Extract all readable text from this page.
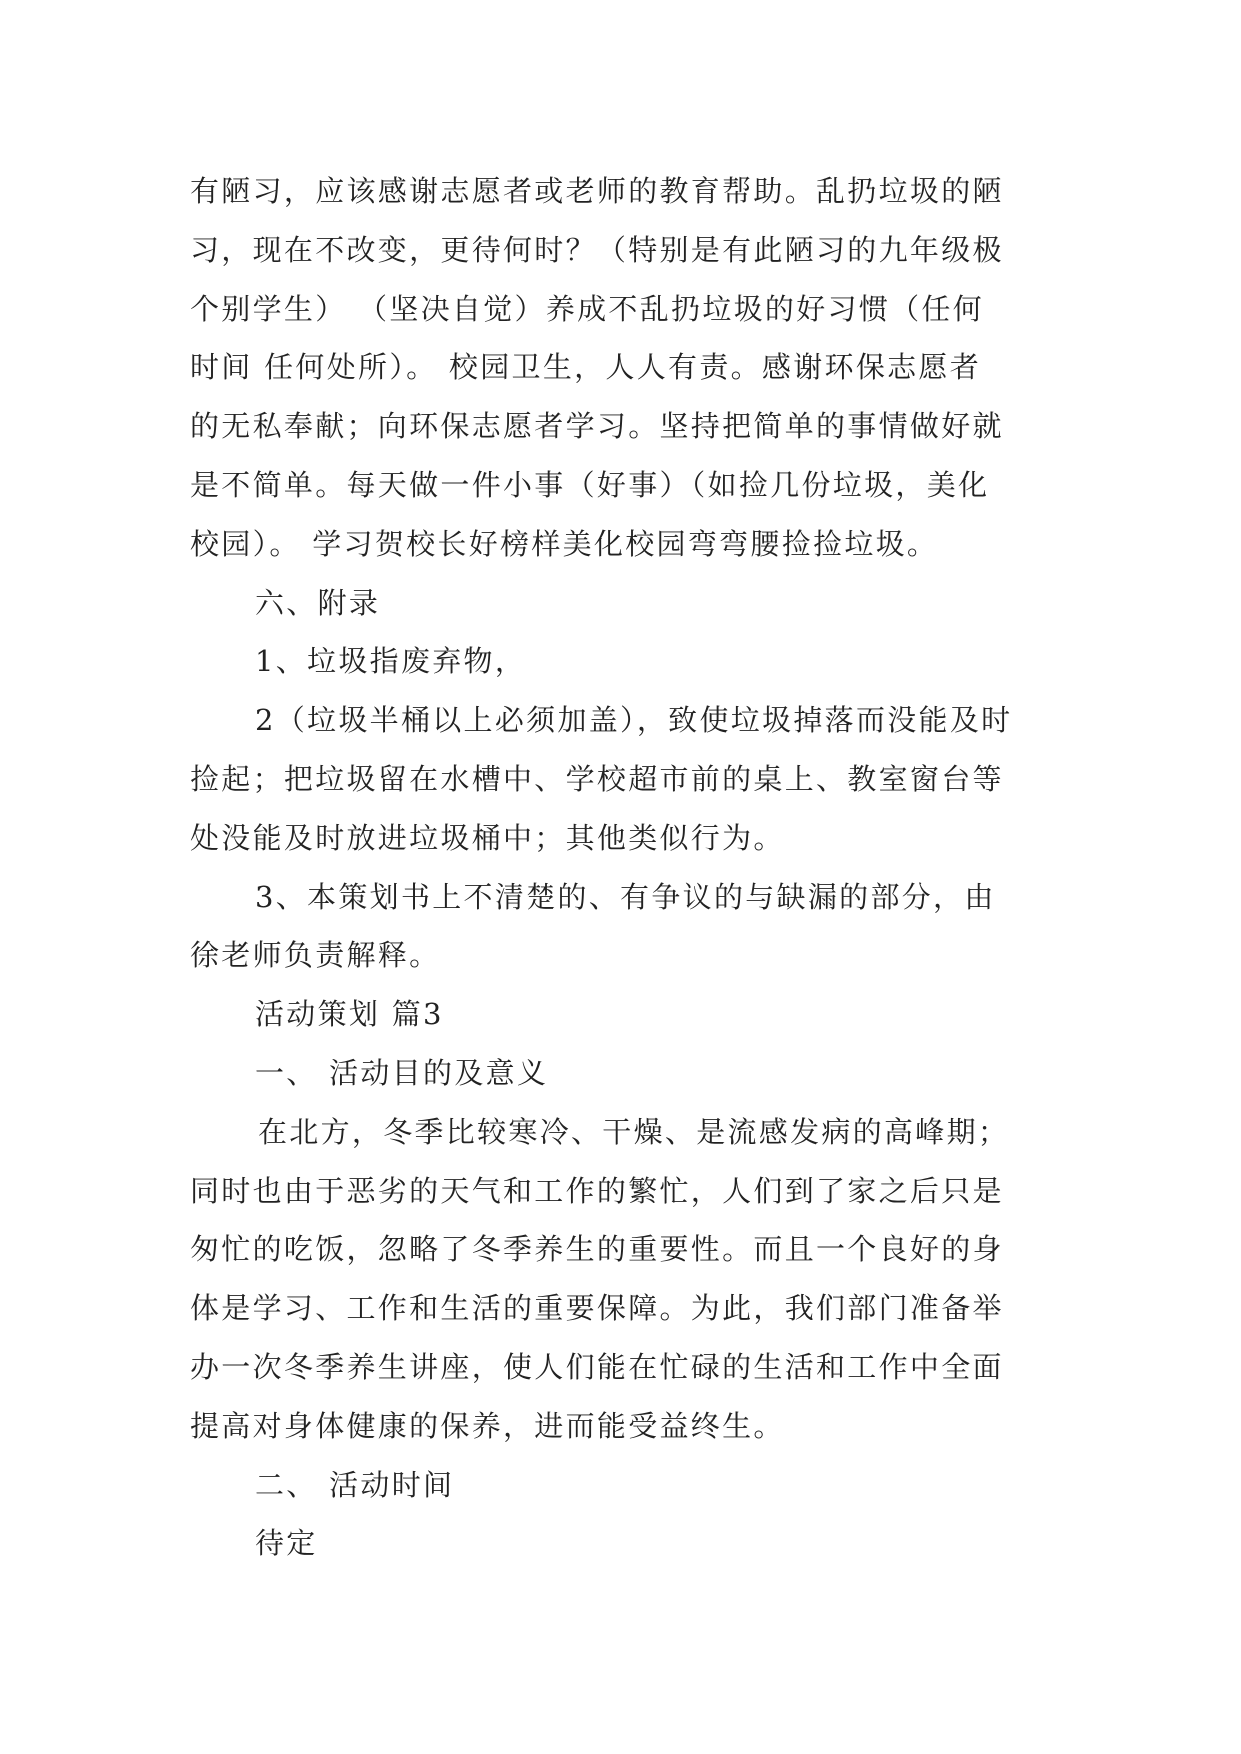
有陋习，应该感谢志愿者或老师的教育帮助。乱扔垃圾的陋
习，现在不改变，更待何时？（特别是有此陋习的九年级极
个别学生） （坚决自觉）养成不乱扔垃圾的好习惯（任何
时间 任何处所）。 校园卫生，人人有责。感谢环保志愿者
的无私奉献；向环保志愿者学习。坚持把简单的事情做好就
是不简单。每天做一件小事（好事）（如捡几份垃圾，美化
校园）。 学习贺校长好榜样美化校园弯弯腰捡捡垃圾。
六、附录
1、垃圾指废弃物，
2（垃圾半桶以上必须加盖），致使垃圾掉落而没能及时
捡起；把垃圾留在水槽中、学校超市前的桌上、教室窗台等
处没能及时放进垃圾桶中；其他类似行为。
3、本策划书上不清楚的、有争议的与缺漏的部分，由
徐老师负责解释。
活动策划 篇3
一、 活动目的及意义
在北方，冬季比较寒冷、干燥、是流感发病的高峰期；
同时也由于恶劣的天气和工作的繁忙，人们到了家之后只是
匆忙的吃饭，忽略了冬季养生的重要性。而且一个良好的身
体是学习、工作和生活的重要保障。为此，我们部门准备举
办一次冬季养生讲座，使人们能在忙碌的生活和工作中全面
提高对身体健康的保养，进而能受益终生。
二、 活动时间
待定
